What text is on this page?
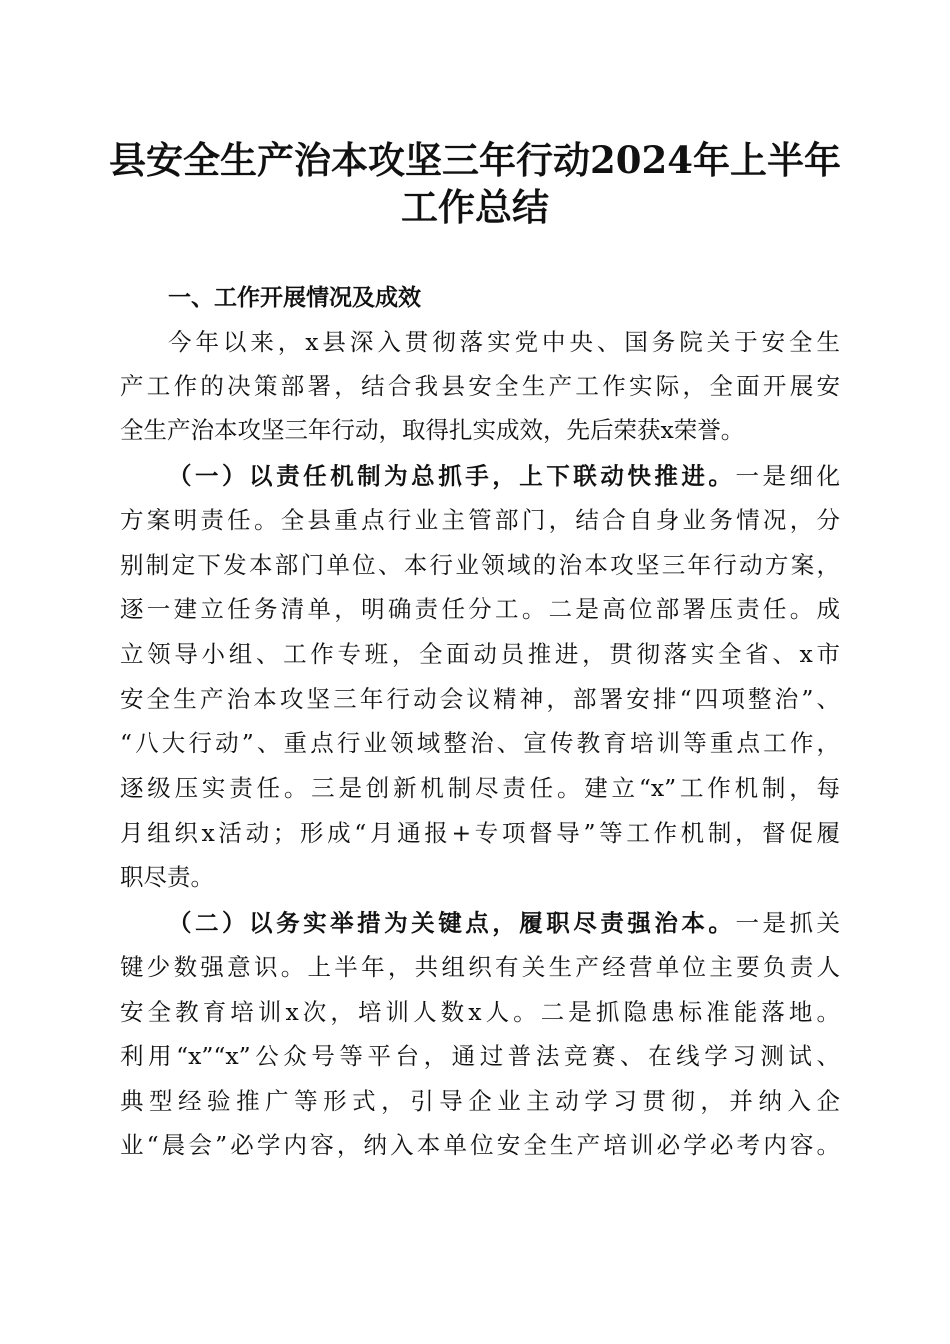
县安全生产治本攻坚三年行动2024年上半年
工作总结

一、工作开展情况及成效

今年以来，x县深入贯彻落实党中央、国务院关于安全生

产工作的决策部署，结合我县安全生产工作实际，全面开展安

全生产治本攻坚三年行动，取得扎实成效，先后荣获x荣誉。

（一）以责任机制为总抓手，上下联动快推进。一是细化

方案明责任。全县重点行业主管部门，结合自身业务情况，分

别制定下发本部门单位、本行业领域的治本攻坚三年行动方案，

逐一建立任务清单，明确责任分工。二是高位部署压责任。成

立领导小组、工作专班，全面动员推进，贯彻落实全省、x市

安全生产治本攻坚三年行动会议精神，部署安排“四项整治”、

“八大行动”、重点行业领域整治、宣传教育培训等重点工作，

逐级压实责任。三是创新机制尽责任。建立“x”工作机制，每

月组织x活动；形成“月通报+专项督导”等工作机制，督促履

职尽责。

（二）以务实举措为关键点，履职尽责强治本。一是抓关

键少数强意识。上半年，共组织有关生产经营单位主要负责人

安全教育培训x次，培训人数x人。二是抓隐患标准能落地。

利用“x”“x”公众号等平台，通过普法竞赛、在线学习测试、

典型经验推广等形式，引导企业主动学习贯彻，并纳入企

业“晨会”必学内容，纳入本单位安全生产培训必学必考内容。
